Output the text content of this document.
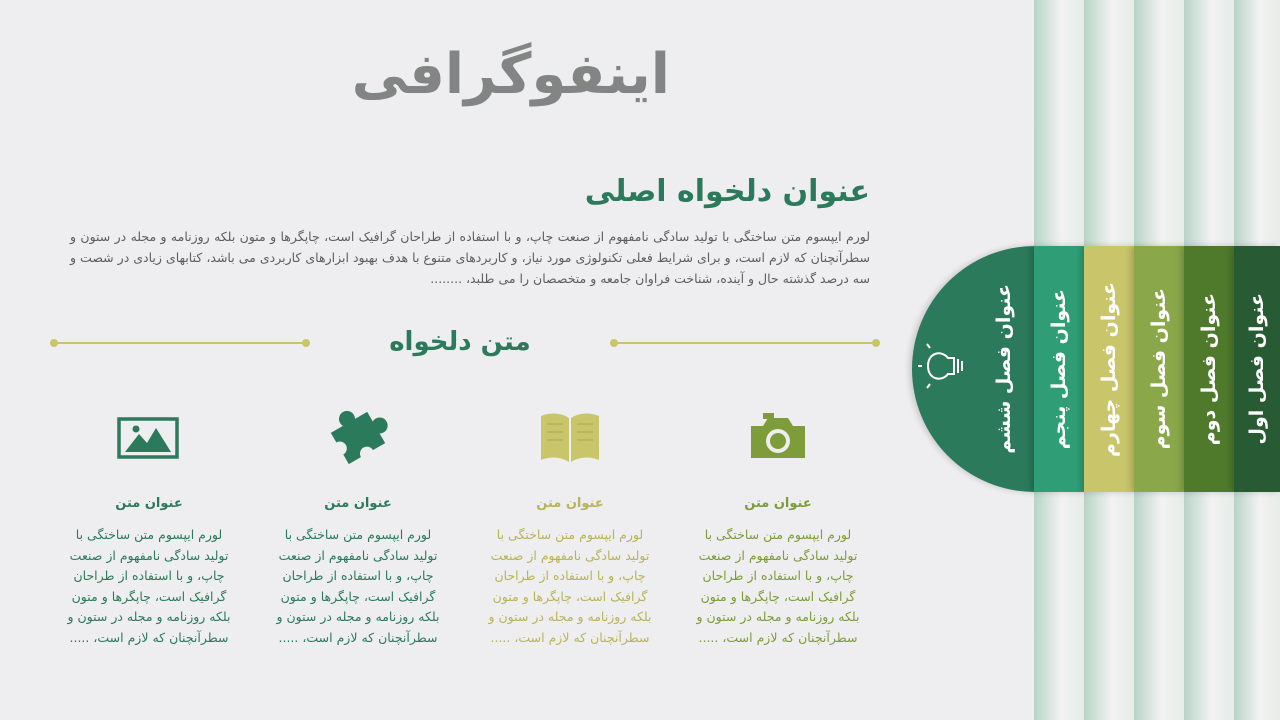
اینفوگرافی
عنوان دلخواه اصلی
لورم ایپسوم متن ساختگی با تولید سادگی نامفهوم از صنعت چاپ، و با استفاده از طراحان گرافیک است، چاپگرها و متون بلکه روزنامه و مجله در ستون و سطرآنچنان که لازم است، و برای شرایط فعلی تکنولوژی مورد نیاز، و کاربردهای متنوع با هدف بهبود ابزارهای کاربردی می باشد، کتابهای زیادی در شصت و سه درصد گذشته حال و آینده، شناخت فراوان جامعه و متخصصان را می طلبد، ........
متن دلخواه
عنوان متن
لورم ایپسوم متن ساختگی با تولید سادگی نامفهوم از صنعت چاپ، و با استفاده از طراحان گرافیک است، چاپگرها و متون بلکه روزنامه و مجله در ستون و سطرآنچنان که لازم است، .....
عنوان متن
لورم ایپسوم متن ساختگی با تولید سادگی نامفهوم از صنعت چاپ، و با استفاده از طراحان گرافیک است، چاپگرها و متون بلکه روزنامه و مجله در ستون و سطرآنچنان که لازم است، .....
عنوان متن
لورم ایپسوم متن ساختگی با تولید سادگی نامفهوم از صنعت چاپ، و با استفاده از طراحان گرافیک است، چاپگرها و متون بلکه روزنامه و مجله در ستون و سطرآنچنان که لازم است، .....
عنوان متن
لورم ایپسوم متن ساختگی با تولید سادگی نامفهوم از صنعت چاپ، و با استفاده از طراحان گرافیک است، چاپگرها و متون بلکه روزنامه و مجله در ستون و سطرآنچنان که لازم است، .....
عنوان فصل ششم عنوان فصل پنجم عنوان فصل چهارم عنوان فصل سوم عنوان فصل دوم عنوان فصل اول
